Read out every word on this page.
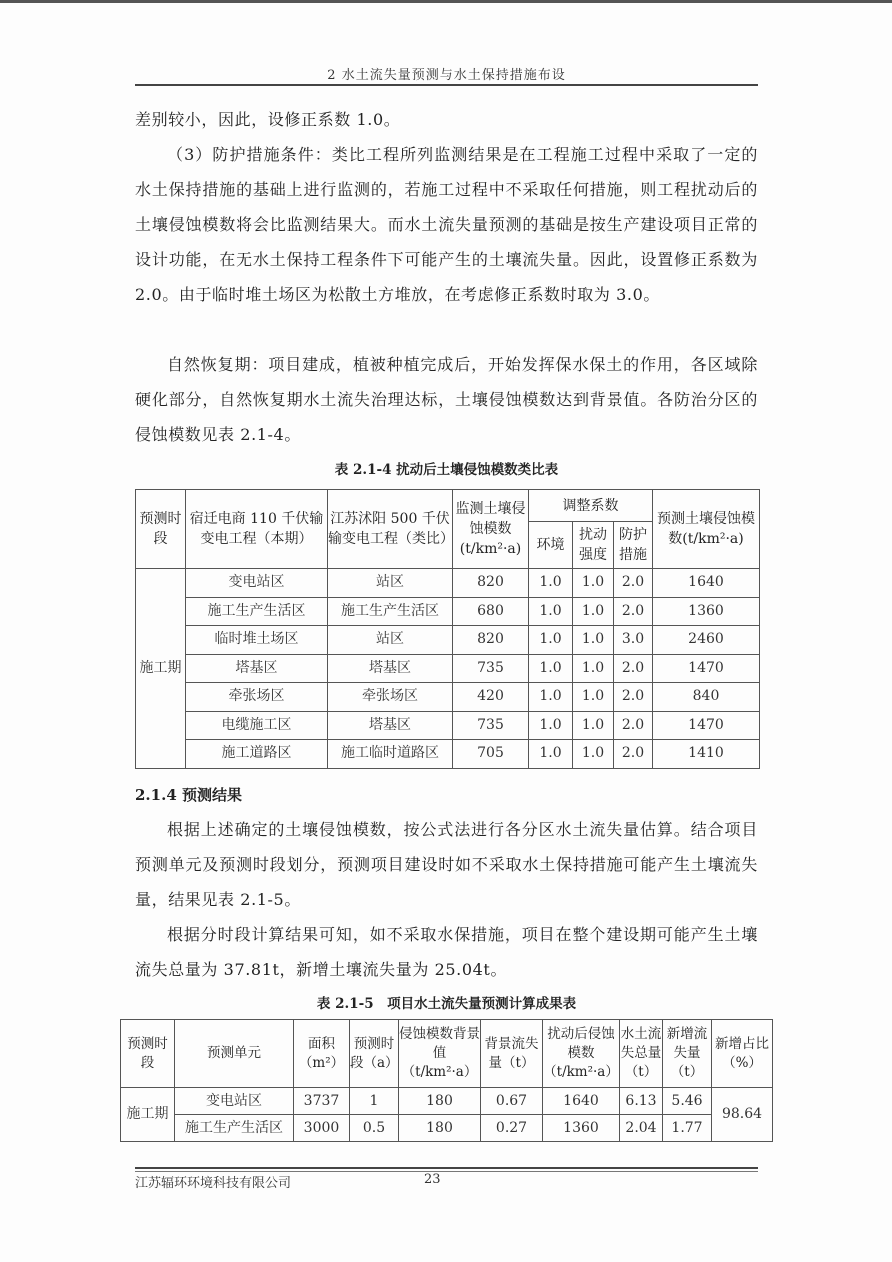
2 水土流失量预测与水土保持措施布设

差别较小，因此，设修正系数 1.0。

（3）防护措施条件：类比工程所列监测结果是在工程施工过程中采取了一定的水土保持措施的基础上进行监测的，若施工过程中不采取任何措施，则工程扰动后的土壤侵蚀模数将会比监测结果大。而水土流失量预测的基础是按生产建设项目正常的设计功能，在无水土保持工程条件下可能产生的土壤流失量。因此，设置修正系数为 2.0。由于临时堆土场区为松散土方堆放，在考虑修正系数时取为 3.0。

自然恢复期：项目建成，植被种植完成后，开始发挥保水保土的作用，各区域除硬化部分，自然恢复期水土流失治理达标，土壤侵蚀模数达到背景值。各防治分区的侵蚀模数见表 2.1-4。

表 2.1-4 扰动后土壤侵蚀模数类比表
预测时段	宿迁电商 110 千伏输变电工程（本期）	江苏沭阳 500 千伏输变电工程（类比）	监测土壤侵蚀模数(t/km²·a)	调整系数			预测土壤侵蚀模数(t/km²·a)
				环境	扰动强度	防护措施	
施工期	变电站区	站区	820	1.0	1.0	2.0	1640
	施工生产生活区	施工生产生活区	680	1.0	1.0	2.0	1360
	临时堆土场区	站区	820	1.0	1.0	3.0	2460
	塔基区	塔基区	735	1.0	1.0	2.0	1470
	牵张场区	牵张场区	420	1.0	1.0	2.0	840
	电缆施工区	塔基区	735	1.0	1.0	2.0	1470
	施工道路区	施工临时道路区	705	1.0	1.0	2.0	1410
2.1.4 预测结果

根据上述确定的土壤侵蚀模数，按公式法进行各分区水土流失量估算。结合项目预测单元及预测时段划分，预测项目建设时如不采取水土保持措施可能产生土壤流失量，结果见表 2.1-5。

根据分时段计算结果可知，如不采取水保措施，项目在整个建设期可能产生土壤流失总量为 37.81t，新增土壤流失量为 25.04t。

表 2.1-5　项目水土流失量预测计算成果表
预测时段	预测单元	面积（m²）	预测时段（a）	侵蚀模数背景值（t/km²·a）	背景流失量（t）	扰动后侵蚀模数（t/km²·a）	水土流失总量（t）	新增流失量（t）	新增占比（%）
施工期	变电站区	3737	1	180	0.67	1640	6.13	5.46	98.64
	施工生产生活区	3000	0.5	180	0.27	1360	2.04	1.77	
江苏辐环环境科技有限公司	23
